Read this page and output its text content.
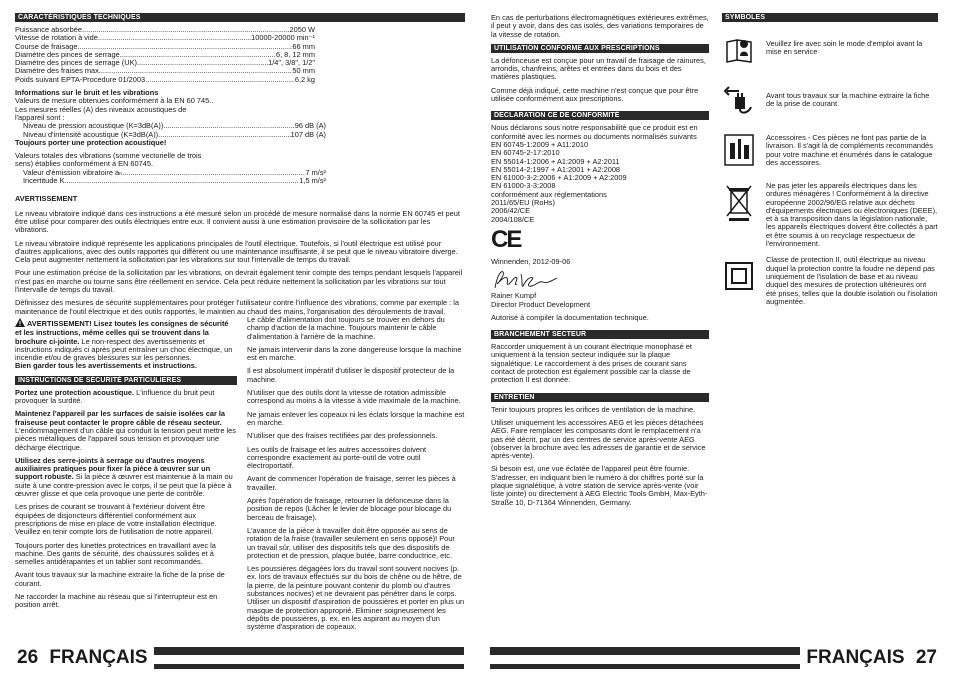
CARACTÉRISTIQUES TECHNIQUES
Puissance absorbée .....	2050 W
Vitesse de rotation à vide .....	10000-20000 min⁻¹
Course de fraisage .....	66 mm
Diamètre des pinces de serrage .....	6, 8, 12 mm
Diamètre des pinces de serrage (UK) .....	1/4", 3/8", 1/2"
Diamètre des fraises max. .....	50 mm
Poids suivant EPTA-Procedure 01/2003 .....	6,2 kg
Informations sur le bruit et les vibrations
Valeurs de mesure obtenues conformément à la EN 60 745..
Les mesures réelles (A) des niveaux acoustiques de
l'appareil sont :
Niveau de pression acoustique (K=3dB(A)) .....	96 dB (A)
Niveau d'intensité acoustique (K=3dB(A)) .....	107 dB (A)
Toujours porter une protection acoustique!
Valeurs totales des vibrations (somme vectorielle de trois
sens) établies conformément à EN 60745.
Valeur d'émission vibratoire aₕ .....	7 m/s²
Incertitude K .....	1,5 m/s²
AVERTISSEMENT

Le niveau vibratoire indiqué dans ces instructions a été mesuré selon un procédé de mesure normalisé dans la norme EN 60745 et peut être utilisé pour comparer des outils électriques entre eux. Il convient aussi à une estimation provisoire de la sollicitation par les vibrations.

Le niveau vibratoire indiqué représente les applications principales de l'outil électrique. Toutefois, si l'outil électrique est utilisé pour d'autres applications, avec des outils rapportés qui diffèrent ou une maintenance insuffisante, il se peut que le niveau vibratoire diverge. Cela peut augmenter nettement la sollicitation par les vibrations sur tout l'intervalle de temps du travail.

Pour une estimation précise de la sollicitation par les vibrations, on devrait également tenir compte des temps pendant lesquels l'appareil n'est pas en marche ou tourne sans être réellement en service. Cela peut réduire nettement la sollicitation par les vibrations sur tout l'intervalle de temps du travail.

Définissez des mesures de sécurité supplémentaires pour protéger l'utilisateur contre l'influence des vibrations, comme par exemple : la maintenance de l'outil électrique et des outils rapportés, le maintien au chaud des mains, l'organisation des déroulements de travail.

AVERTISSEMENT! Lisez toutes les consignes de sécurité et les instructions, même celles qui se trouvent dans la brochure ci-jointe. Le non-respect des avertissements et instructions indiqués ci après peut entraîner un choc électrique, un incendie et/ou de graves blessures sur les personnes.
Bien garder tous les avertissements et instructions.

INSTRUCTIONS DE SÉCURITÉ PARTICULIERES

Portez une protection acoustique. L'influence du bruit peut provoquer la surdité.

Maintenez l'appareil par les surfaces de saisie isolées car la fraiseuse peut contacter le propre câble de réseau secteur. L'endommagement d'un câble qui conduit la tension peut mettre les pièces métalliques de l'appareil sous tension et provoquer une décharge électrique.

Utilisez des serre-joints à serrage ou d'autres moyens auxiliaires pratiques pour fixer la pièce à œuvrer sur un support robuste. Si la pièce à œuvrer est maintenue à la main ou suite à une contre-pression avec le corps, il se peut que la pièce à œuvrer glisse et que cela provoque une perte de contrôle.

Les prises de courant se trouvant à l'extérieur doivent être équipées de disjoncteurs différentiel conformément aux prescriptions de mise en place de votre installation électrique. Veuillez en tenir compte lors de l'utilisation de notre appareil.

Toujours porter des lunettes protectrices en travaillant avec la machine. Des gants de sécurité, des chaussures solides et à semelles antidérapantes et un tablier sont recommandés.

Avant tous travaux sur la machine extraire la fiche de la prise de courant.

Ne raccorder la machine au réseau que si l'interrupteur est en position arrêt.

Le câble d'alimentation doit toujours se trouver en dehors du champ d'action de la machine. Toujours maintenir le câble d'alimentation à l'arrière de la machine.

Ne jamais intervenir dans la zone dangereuse lorsque la machine est en marche.

Il est absolument impératif d'utiliser le dispositif protecteur de la machine.

N'utiliser que des outils dont la vitesse de rotation admissible correspond au moins à la vitesse à vide maximale de la machine.

Ne jamais enlever les copeaux ni les éclats lorsque la machine est en marche.

N'utiliser que des fraises rectifiées par des professionnels.

Les outils de fraisage et les autres accessoires doivent correspondre exactement au porte-outil de votre outil électroportatif.

Avant de commencer l'opération de fraisage, serrer les pièces à travailler.

Après l'opération de fraisage, retourner la défonceuse dans la position de repos (Lâcher le levier de blocage pour blocage du berceau de fraisage).

L'avance de la pièce à travailler doit être opposée au sens de rotation de la fraise (travailler seulement en sens opposé)! Pour un travail sûr, utiliser des dispositifs tels que des dispositifs de protection et de pression, plaque butée, barre conductrice, etc.

Les poussières dégagées lors du travail sont souvent nocives (p. ex. lors de travaux effectués sur du bois de chêne ou de hêtre, de la pierre, de la peinture pouvant contenir du plomb ou d'autres substances nocives) et ne devraient pas pénétrer dans le corps. Utiliser un dispositif d'aspiration de poussières et porter en plus un masque de protection approprié. Eliminer soigneusement les dépôts de poussières, p. ex. en les aspirant au moyen d'un système d'aspiration de copeaux.

En cas de perturbations électromagnétiques extérieures extrêmes, il peut y avoir, dans des cas isolés, des variations temporaires de la vitesse de rotation.

UTILISATION CONFORME AUX PRESCRIPTIONS

La défonceuse est conçue pour un travail de fraisage de rainures, arrondis, chanfreins, arêtes et entrées dans du bois et des matières plastiques.

Comme déjà indiqué, cette machine n'est conçue que pour être utilisée conformément aux prescriptions.

DECLARATION CE DE CONFORMITÉ
Nous déclarons sous notre responsabilité que ce produit est en conformité avec les normes ou documents normalisés suivants
EN 60745-1:2009 + A11:2010
EN 60745-2-17:2010
EN 55014-1:2006 + A1:2009 + A2:2011
EN 55014-2:1997 + A1:2001 + A2:2008
EN 61000-3-2:2006 + A1:2009 + A2:2009
EN 61000-3-3:2008
conformément aux réglementations
2011/65/EU (RoHs)
2006/42/CE
2004/108/CE
CE
Winnenden, 2012-09-06
Rainer Kumpf
Director Product Development

Autorisé à compiler la documentation technique.

BRANCHEMENT SECTEUR

Raccorder uniquement à un courant électrique monophasé et uniquement à la tension secteur indiquée sur la plaque signalétique. Le raccordement à des prises de courant sans contact de protection est également possible car la classe de protection II est donnée.

ENTRETIEN

Tenir toujours propres les orifices de ventilation de la machine.

Utiliser uniquement les accessoires AEG et les pièces détachées AEG. Faire remplacer les composants dont le remplacement n'a pas été décrit, par un des centres de service après-vente AEG (observer la brochure avec les adresses de garantie et de service après-vente).

Si besoin est, une vue éclatée de l'appareil peut être fournie. S'adresser, en indiquant bien le numéro à dix chiffres porté sur la plaque signalétique, à votre station de service après-vente (voir liste jointe) ou directement à AEG Electric Tools GmbH, Max-Eyth-Straße 10, D-71364 Winnenden, Germany.

SYMBOLES
Veuillez lire avec soin le mode d'emploi avant la mise en service
Avant tous travaux sur la machine extraire la fiche de la prise de courant.
Accessoires - Ces pièces ne font pas partie de la livraison. Il s'agit là de compléments recommandés pour votre machine et énumérés dans le catalogue des accessoires.
Ne pas jeter les appareils électriques dans les ordures ménagères ! Conformément à la directive européenne 2002/96/EG relative aux déchets d'équipements électriques ou électroniques (DEEE), et à sa transposition dans la législation nationale, les appareils électriques doivent être collectés à part et être soumis à un recyclage respectueux de l'environnement.
Classe de protection II, outil électrique au niveau duquel la protection contre la foudre ne dépend pas uniquement de l'isolation de base et au niveau duquel des mesures de protection ultérieures ont été prises, telles que la double isolation ou l'isolation augmentée.
26 FRANÇAIS	FRANÇAIS 27
